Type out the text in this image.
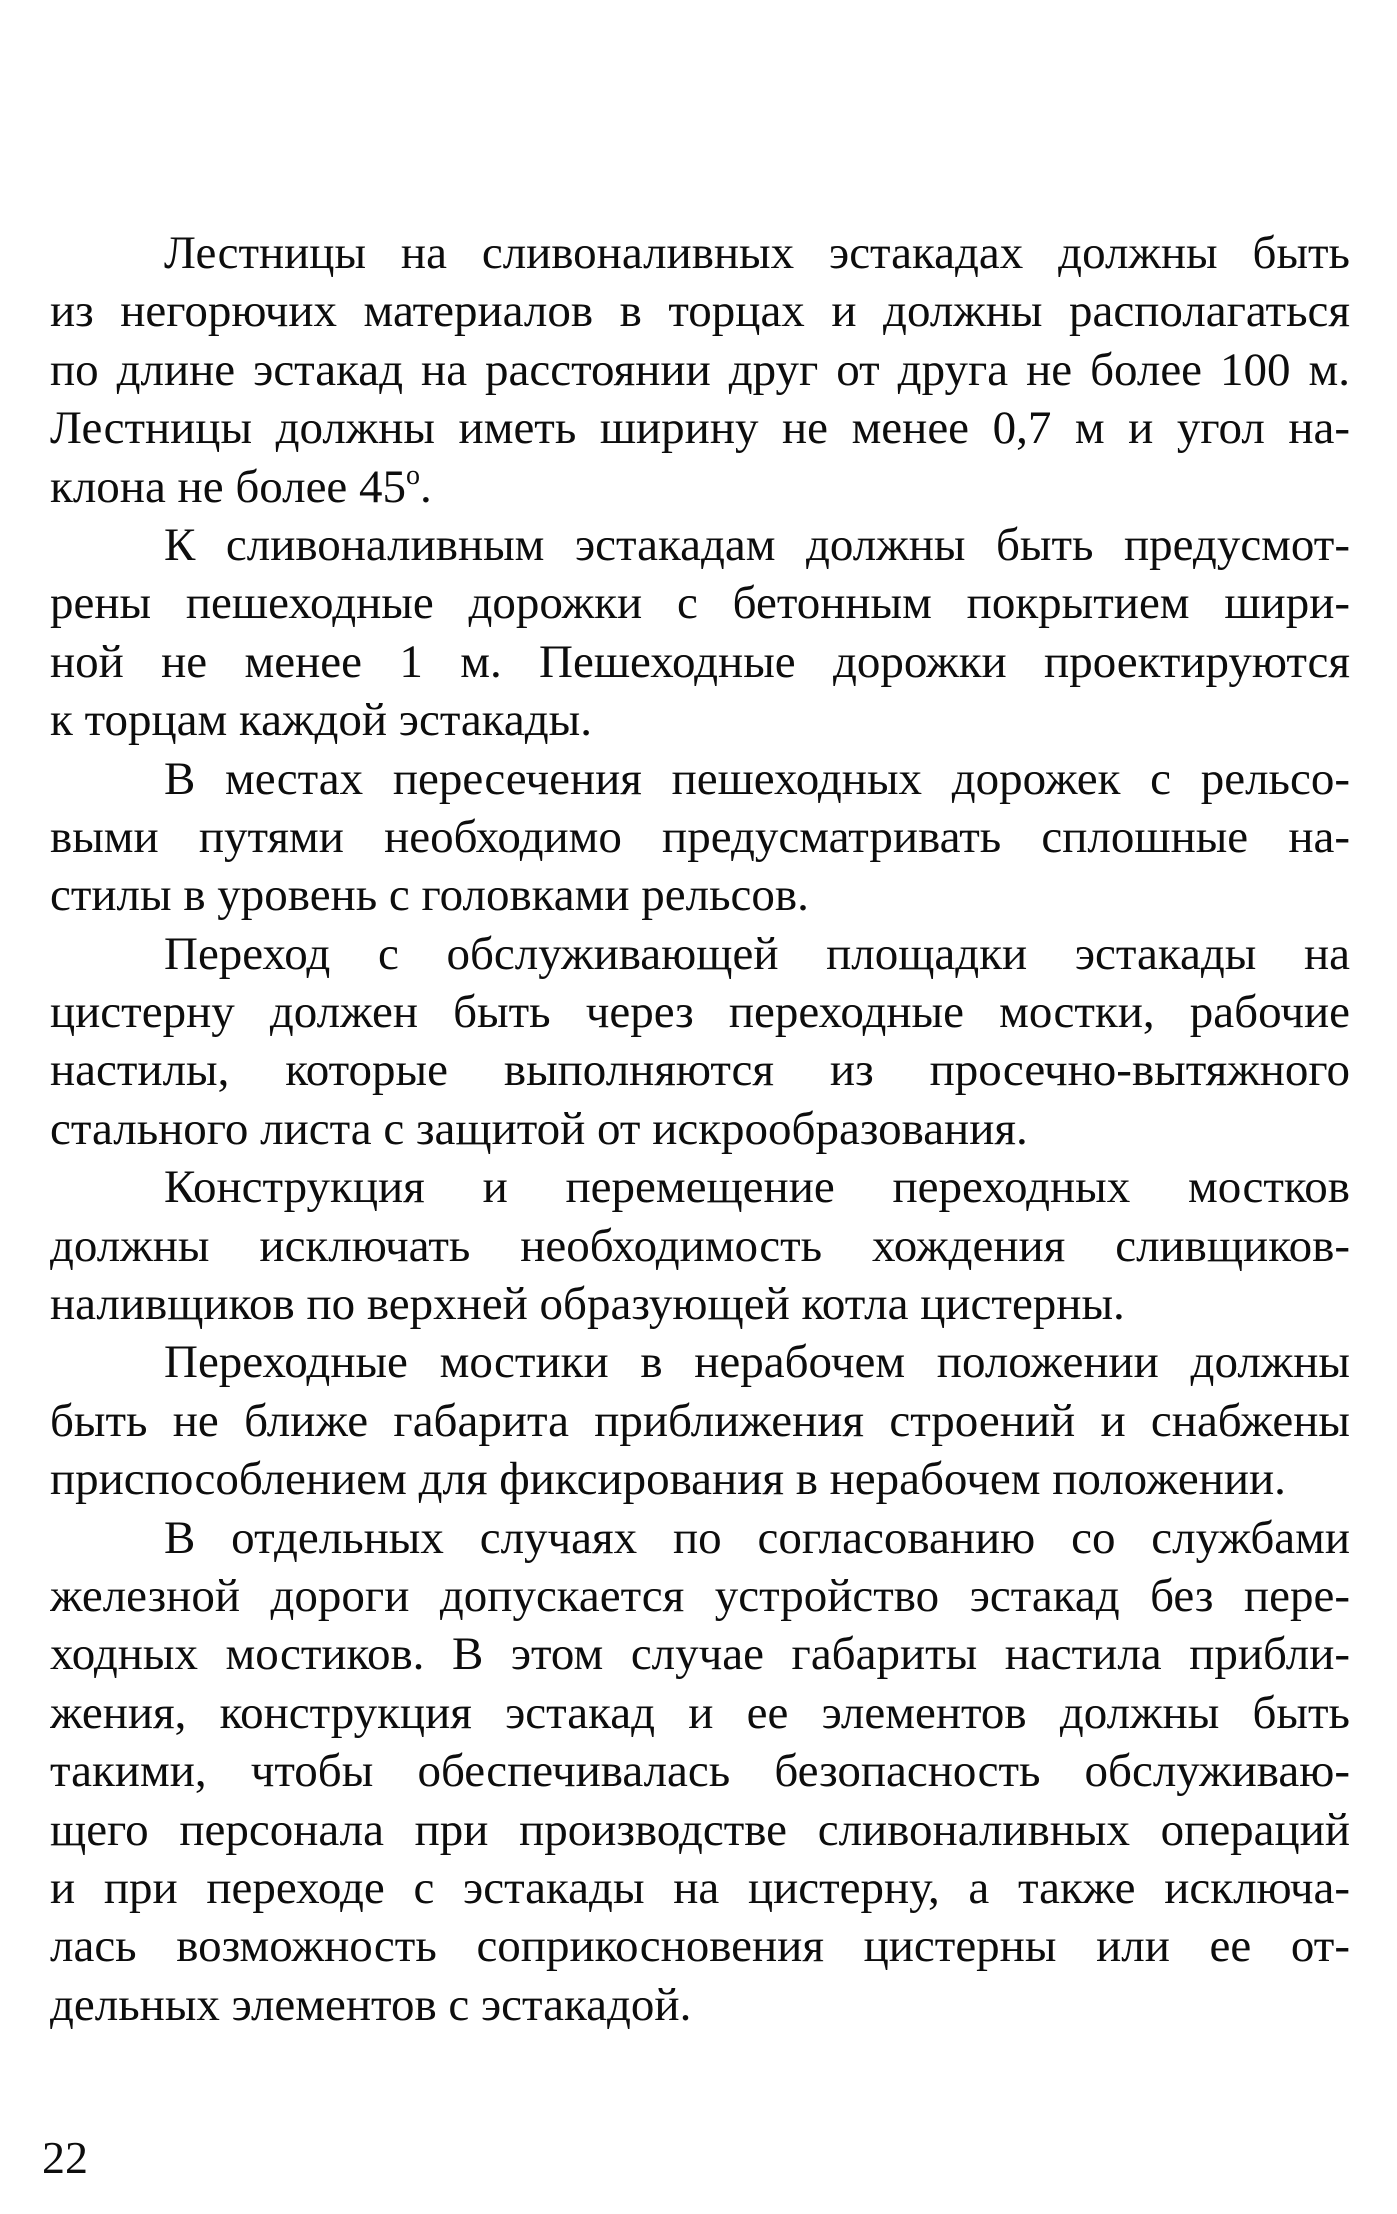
Лестницы на сливоналивных эстакадах должны быть
из негорючих материалов в торцах и должны располагаться
по длине эстакад на расстоянии друг от друга не более 100 м.
Лестницы должны иметь ширину не менее 0,7 м и угол на-
клона не более 45$^o$.
К сливоналивным эстакадам должны быть предусмот-
рены пешеходные дорожки с бетонным покрытием шири-
ной не менее 1 м. Пешеходные дорожки проектируются
к торцам каждой эстакады.
В местах пересечения пешеходных дорожек с рельсо-
выми путями необходимо предусматривать сплошные на-
стилы в уровень с головками рельсов.
Переход с обслуживающей площадки эстакады на
цистерну должен быть через переходные мостки, рабочие
настилы, которые выполняются из просечно-вытяжного
стального листа с защитой от искрообразования.
Конструкция и перемещение переходных мостков
должны исключать необходимость хождения сливщиков-
наливщиков по верхней образующей котла цистерны.
Переходные мостики в нерабочем положении должны
быть не ближе габарита приближения строений и снабжены
приспособлением для фиксирования в нерабочем положении.
В отдельных случаях по согласованию со службами
железной дороги допускается устройство эстакад без пере-
ходных мостиков. В этом случае габариты настила прибли-
жения, конструкция эстакад и ее элементов должны быть
такими, чтобы обеспечивалась безопасность обслуживаю-
щего персонала при производстве сливоналивных операций
и при переходе с эстакады на цистерну, а также исключа-
лась возможность соприкосновения цистерны или ее от-
дельных элементов с эстакадой.
22
